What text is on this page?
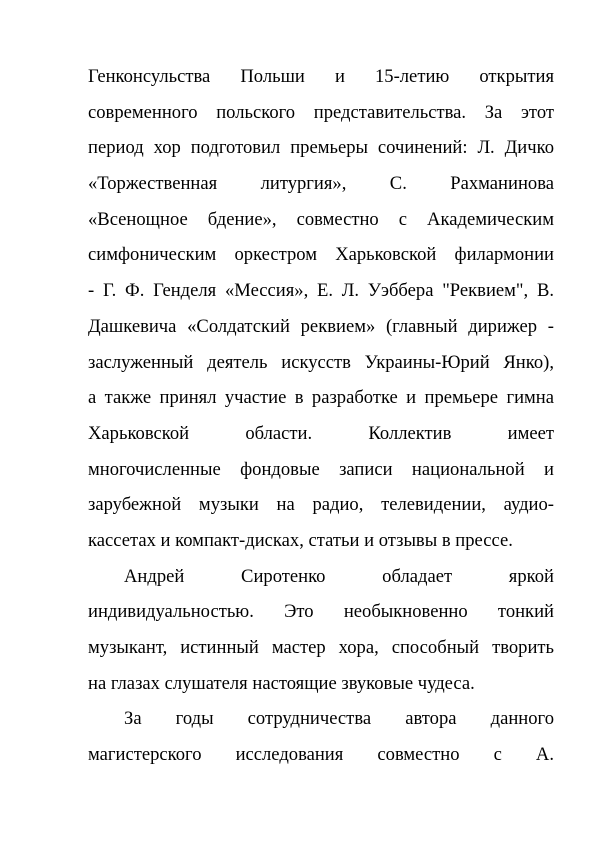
Генконсульства Польши и 15-летию открытия
современного польского представительства. За этот
период хор подготовил премьеры сочинений: Л. Дичко
«Торжественная литургия», С. Рахманинова
«Всенощное бдение», совместно с Академическим
симфоническим оркестром Харьковской филармонии
- Г. Ф. Генделя «Мессия», Е. Л. Уэббера "Реквием", В.
Дашкевича «Солдатский реквием» (главный дирижер -
заслуженный деятель искусств Украины-Юрий Янко),
а также принял участие в разработке и премьере гимна
Харьковской области. Коллектив имеет
многочисленные фондовые записи национальной и
зарубежной музыки на радио, телевидении, аудио-
кассетах и компакт-дисках, статьи и отзывы в прессе.
Андрей Сиротенко обладает яркой
индивидуальностью. Это необыкновенно тонкий
музыкант, истинный мастер хора, способный творить
на глазах слушателя настоящие звуковые чудеса.
За годы сотрудничества автора данного
магистерского исследования совместно с А.
